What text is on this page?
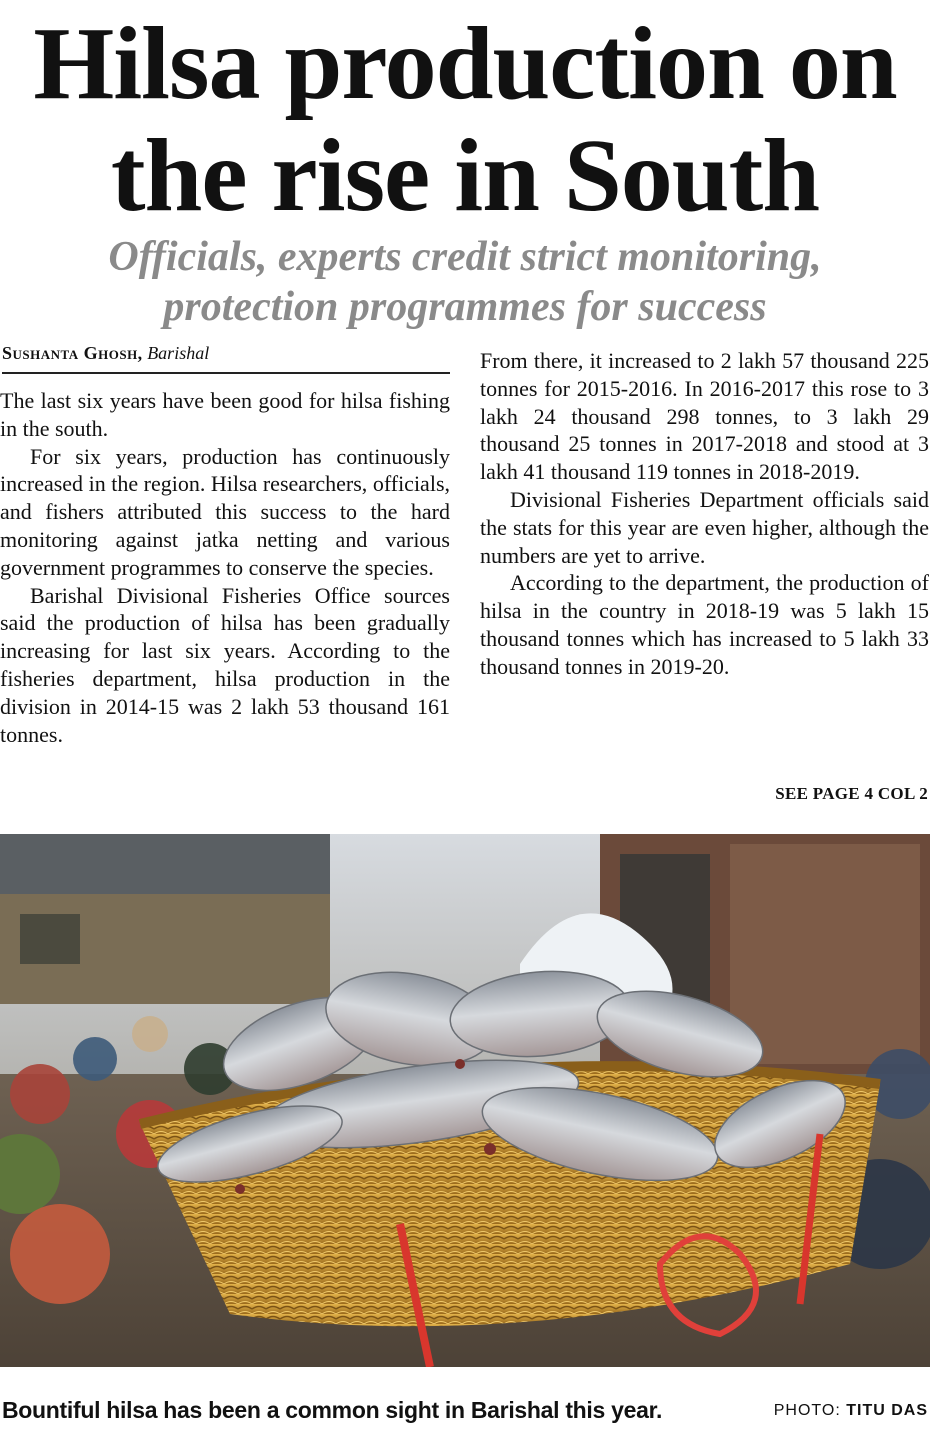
Hilsa production on
the rise in South
Officials, experts credit strict monitoring,
protection programmes for success
Sushanta Ghosh, Barishal

The last six years have been good for hilsa fishing in the south.

For six years, production has continuously increased in the region. Hilsa researchers, officials, and fishers attributed this success to the hard monitoring against jatka netting and various government programmes to conserve the species.

Barishal Divisional Fisheries Office sources said the production of hilsa has been gradually increasing for last six years. According to the fisheries department, hilsa production in the division in 2014-15 was 2 lakh 53 thousand 161 tonnes.

From there, it increased to 2 lakh 57 thousand 225 tonnes for 2015-2016. In 2016-2017 this rose to 3 lakh 24 thousand 298 tonnes, to 3 lakh 29 thousand 25 tonnes in 2017-2018 and stood at 3 lakh 41 thousand 119 tonnes in 2018-2019.

Divisional Fisheries Department officials said the stats for this year are even higher, although the numbers are yet to arrive.

According to the department, the production of hilsa in the country in 2018-19 was 5 lakh 15 thousand tonnes which has increased to 5 lakh 33 thousand tonnes in 2019-20.

SEE PAGE 4 COL 2
Bountiful hilsa has been a common sight in Barishal this year.	PHOTO: TITU DAS
